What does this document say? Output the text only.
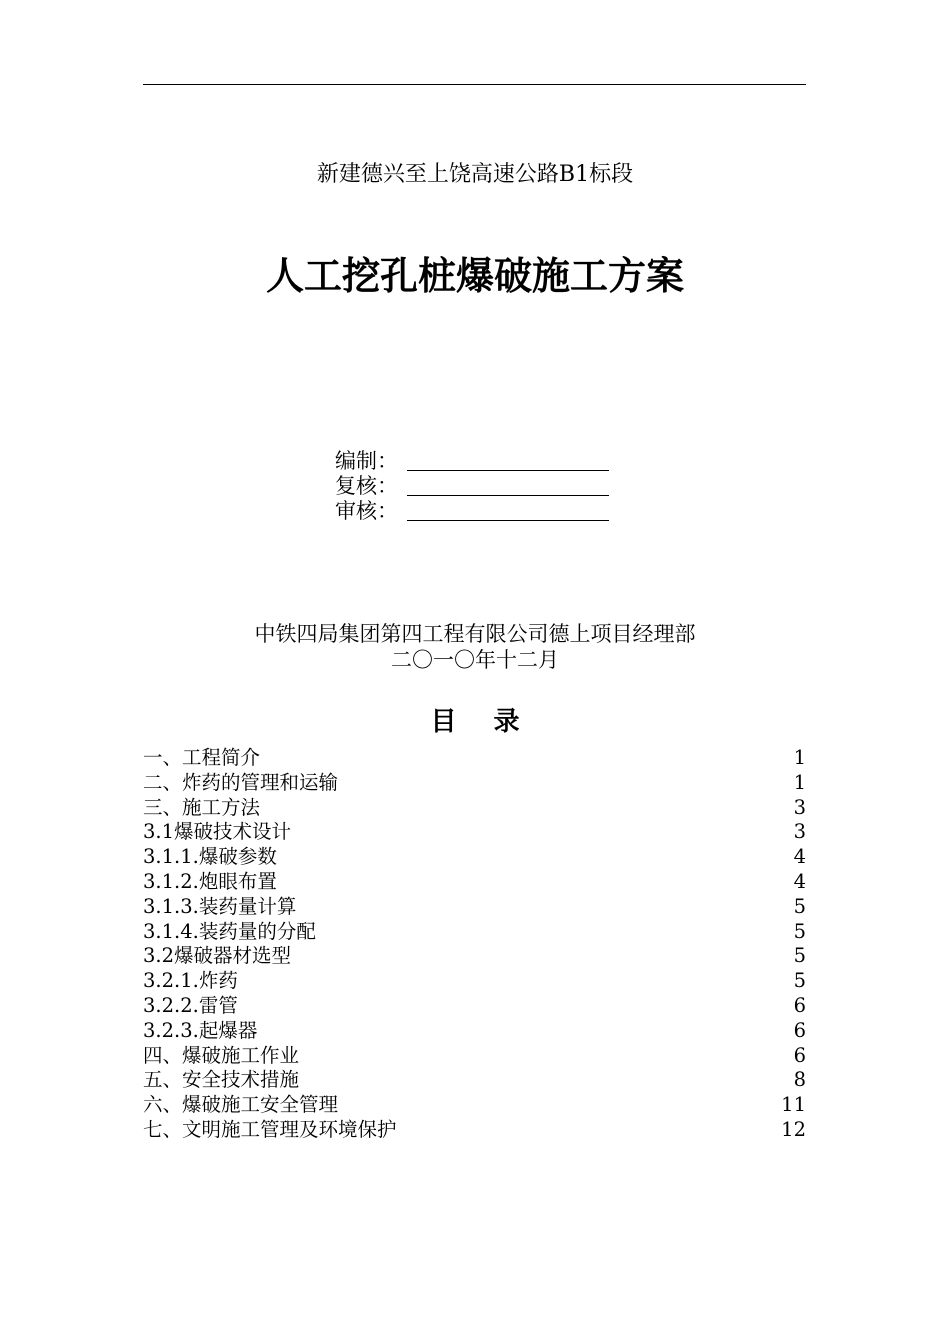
新建德兴至上饶高速公路B1标段
人工挖孔桩爆破施工方案
编制：
复核：
审核：
中铁四局集团第四工程有限公司德上项目经理部
二〇一〇年十二月
目 录
一、工程简介	1
二、炸药的管理和运输	1
三、施工方法	3
3.1爆破技术设计	3
3.1.1.爆破参数	4
3.1.2.炮眼布置	4
3.1.3.装药量计算	5
3.1.4.装药量的分配	5
3.2爆破器材选型	5
3.2.1.炸药	5
3.2.2.雷管	6
3.2.3.起爆器	6
四、爆破施工作业	6
五、安全技术措施	8
六、爆破施工安全管理	11
七、文明施工管理及环境保护	12
